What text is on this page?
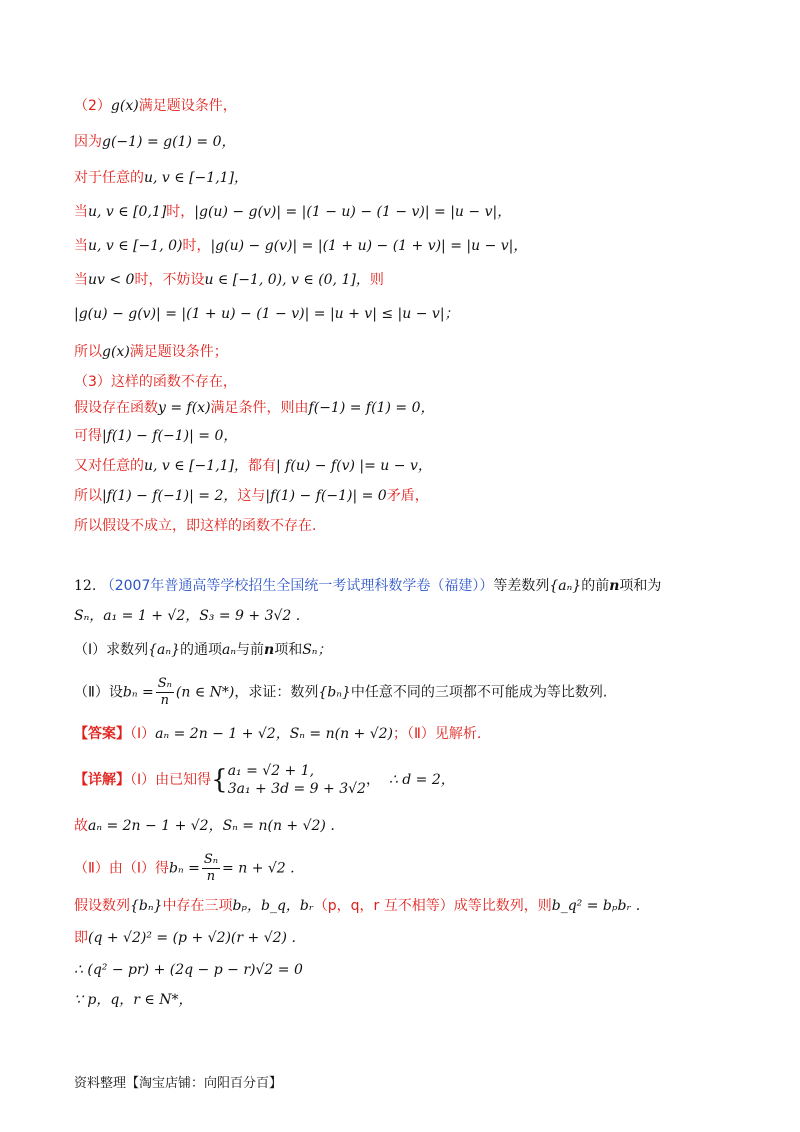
（2）g(x)满足题设条件，
因为g(−1) = g(1) = 0，
对于任意的u, v ∈ [−1,1]，
当u, v ∈ [0,1]时，|g(u) − g(v)| = |(1 − u) − (1 − v)| = |u − v|，
当u, v ∈ [−1, 0)时，|g(u) − g(v)| = |(1 + u) − (1 + v)| = |u − v|，
当uv < 0时，不妨设u ∈ [−1, 0), v ∈ (0, 1]，则
|g(u) − g(v)| = |(1 + u) − (1 − v)| = |u + v| ≤ |u − v|；
所以g(x)满足题设条件；
（3）这样的函数不存在，
假设存在函数y = f(x)满足条件，则由f(−1) = f(1) = 0，
可得|f(1) − f(−1)| = 0，
又对任意的u, v ∈ [−1,1]，都有| f(u) − f(v) |= u − v，
所以|f(1) − f(−1)| = 2，这与|f(1) − f(−1)| = 0矛盾，
所以假设不成立，即这样的函数不存在.
12. （2007年普通高等学校招生全国统一考试理科数学卷（福建））等差数列{aₙ}的前n项和为
Sₙ，a₁ = 1 + √2，S₃ = 9 + 3√2 .
（Ⅰ）求数列{aₙ}的通项aₙ与前n项和Sₙ；
（Ⅱ）设$b_n = \frac{\text{Sₙ}}{n} (n$ ∈ N*)，求证：数列{bₙ}中任意不同的三项都不可能成为等比数列.
【答案】（Ⅰ）aₙ = 2n − 1 + √2，Sₙ = n(n + √2)；（Ⅱ）见解析.
【详解】（Ⅰ）由已知得{ a₁ = √2 + 1,
3a₁ + 3d = 9 + 3√2
， ∴ d = 2，
故aₙ = 2n − 1 + √2，Sₙ = n(n + √2) .
（Ⅱ）由（Ⅰ）得$b_n = \frac{\text{Sₙ}}{n} = n + √2$ .
假设数列{bₙ}中存在三项bₚ，b_q，bᵣ（p，q，r 互不相等）成等比数列，则b_q² = bₚbᵣ .
即(q + √2)² = (p + √2)(r + √2) .
∴ (q² − pr) + (2q − p − r)√2 = 0
∵ p，q，r ∈ N*，
资料整理【淘宝店铺：向阳百分百】
